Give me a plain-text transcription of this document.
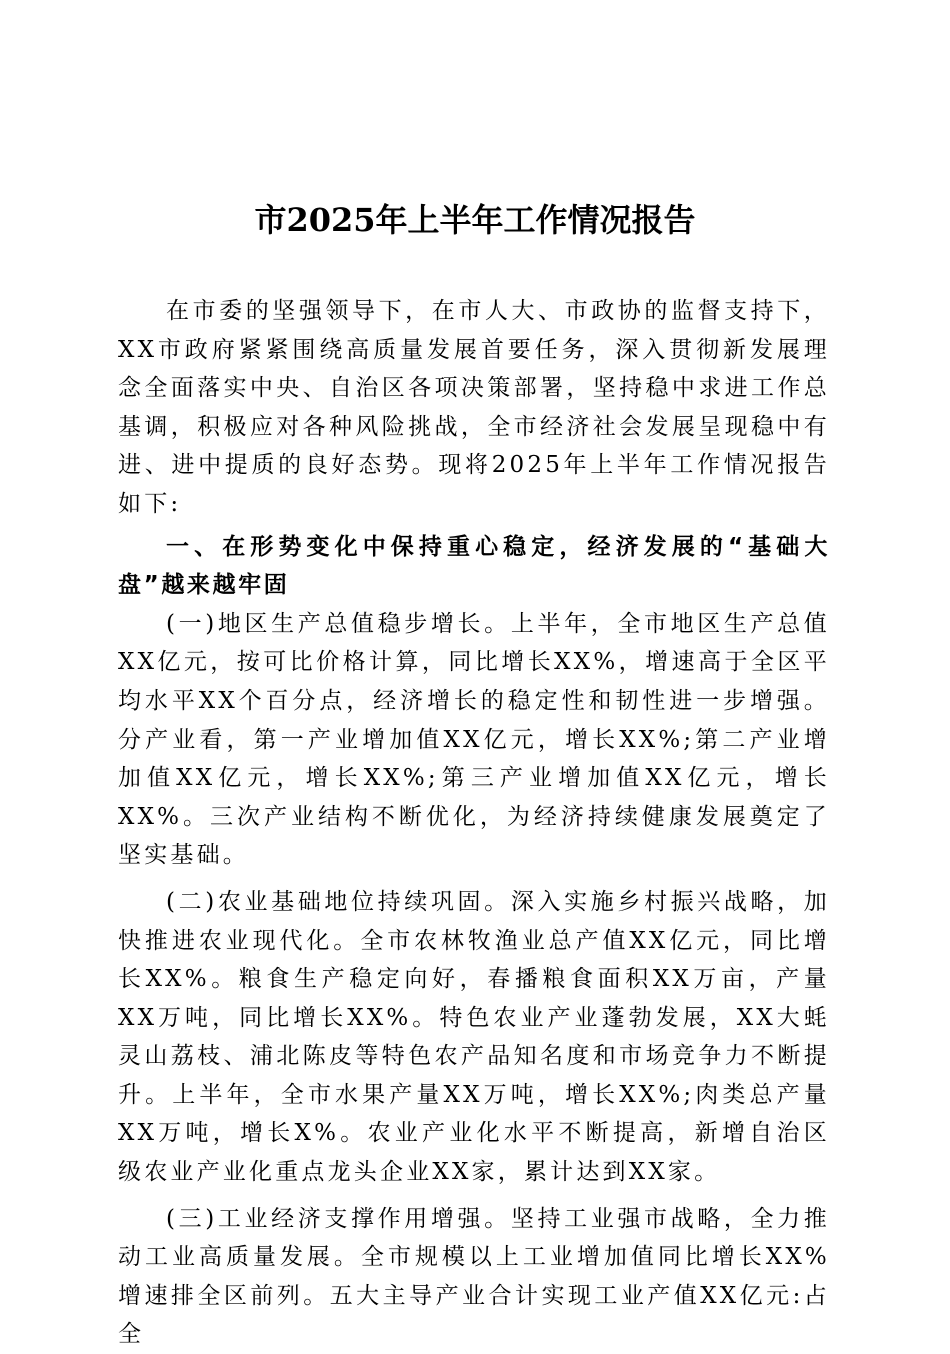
市2025年上半年工作情况报告

在市委的坚强领导下，在市人大、市政协的监督支持下，XX市政府紧紧围绕高质量发展首要任务，深入贯彻新发展理念全面落实中央、自治区各项决策部署，坚持稳中求进工作总基调，积极应对各种风险挑战，全市经济社会发展呈现稳中有进、进中提质的良好态势。现将2025年上半年工作情况报告如下:

一、在形势变化中保持重心稳定，经济发展的“基础大盘”越来越牢固

(一)地区生产总值稳步增长。上半年，全市地区生产总值XX亿元，按可比价格计算，同比增长XX%，增速高于全区平均水平XX个百分点，经济增长的稳定性和韧性进一步增强。分产业看，第一产业增加值XX亿元，增长XX%;第二产业增加值XX亿元，增长XX%;第三产业增加值XX亿元，增长XX%。三次产业结构不断优化，为经济持续健康发展奠定了坚实基础。

(二)农业基础地位持续巩固。深入实施乡村振兴战略，加快推进农业现代化。全市农林牧渔业总产值XX亿元，同比增长XX%。粮食生产稳定向好，春播粮食面积XX万亩，产量XX万吨，同比增长XX%。特色农业产业蓬勃发展，XX大蚝灵山荔枝、浦北陈皮等特色农产品知名度和市场竞争力不断提升。上半年，全市水果产量XX万吨，增长XX%;肉类总产量XX万吨，增长X%。农业产业化水平不断提高，新增自治区级农业产业化重点龙头企业XX家，累计达到XX家。

(三)工业经济支撑作用增强。坚持工业强市战略，全力推动工业高质量发展。全市规模以上工业增加值同比增长XX%增速排全区前列。五大主导产业合计实现工业产值XX亿元:占全
